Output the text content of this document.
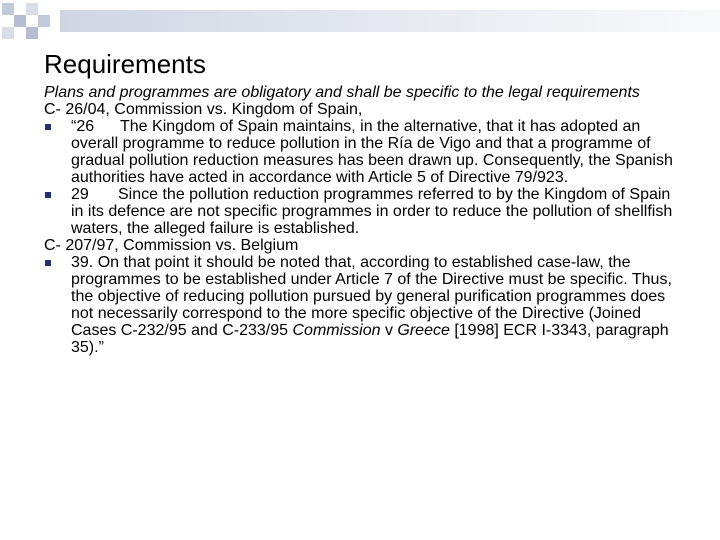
Requirements

Plans and programmes are obligatory and shall be specific to the legal requirements

C- 26/04, Commission vs. Kingdom of Spain,

“26 The Kingdom of Spain maintains, in the alternative, that it has adopted an overall programme to reduce pollution in the Ría de Vigo and that a programme of gradual pollution reduction measures has been drawn up. Consequently, the Spanish authorities have acted in accordance with Article 5 of Directive 79/923.
29 Since the pollution reduction programmes referred to by the Kingdom of Spain in its defence are not specific programmes in order to reduce the pollution of shellfish waters, the alleged failure is established.

C- 207/97, Commission vs. Belgium

39. On that point it should be noted that, according to established case-law, the programmes to be established under Article 7 of the Directive must be specific. Thus, the objective of reducing pollution pursued by general purification programmes does not necessarily correspond to the more specific objective of the Directive (Joined Cases C-232/95 and C-233/95 Commission v Greece [1998] ECR I-3343, paragraph 35).”
